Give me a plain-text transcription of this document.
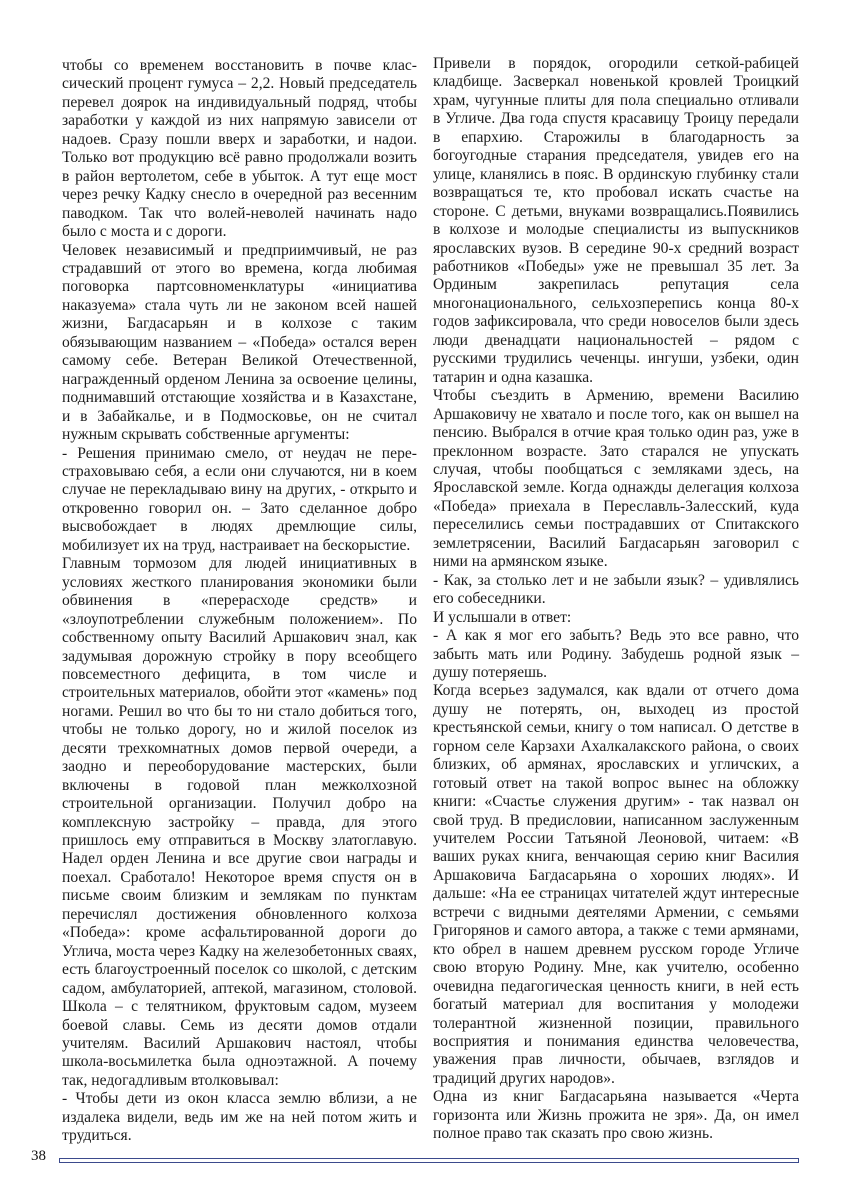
чтобы со временем восстановить в почве классический процент гумуса – 2,2. Новый председатель перевел доярок на индивидуальный подряд, чтобы заработки у каждой из них напрямую зависели от надоев. Сразу пошли вверх и заработки, и надои. Только вот продукцию всё равно продолжали возить в район вертолетом, себе в убыток. А тут еще мост через речку Кадку снесло в очередной раз весенним паводком. Так что волей-неволей начинать надо было с моста и с дороги.

Человек независимый и предприимчивый, не раз страдавший от этого во времена, когда любимая поговорка партсовноменклатуры «инициатива наказуема» стала чуть ли не законом всей нашей жизни, Багдасарьян и в колхозе с таким обязывающим названием – «Победа» остался верен самому себе. Ветеран Великой Отечественной, награжденный орденом Ленина за освоение целины, поднимавший отстающие хозяйства и в Казахстане, и в Забайкалье, и в Подмосковье, он не считал нужным скрывать собственные аргументы:

- Решения принимаю смело, от неудач не перестраховываю себя, а если они случаются, ни в коем случае не перекладываю вину на других, - открыто и откровенно говорил он. – Зато сделанное добро высвобождает в людях дремлющие силы, мобилизует их на труд, настраивает на бескорыстие.

Главным тормозом для людей инициативных в условиях жесткого планирования экономики были обвинения в «перерасходе средств» и «злоупотреблении служебным положением». По собственному опыту Василий Аршакович знал, как задумывая дорожную стройку в пору всеобщего повсеместного дефицита, в том числе и строительных материалов, обойти этот «камень» под ногами. Решил во что бы то ни стало добиться того, чтобы не только дорогу, но и жилой поселок из десяти трехкомнатных домов первой очереди, а заодно и переоборудование мастерских, были включены в годовой план межколхозной строительной организации. Получил добро на комплексную застройку – правда, для этого пришлось ему отправиться в Москву златоглавую. Надел орден Ленина и все другие свои награды и поехал. Сработало! Некоторое время спустя он в письме своим близким и землякам по пунктам перечислял достижения обновленного колхоза «Победа»: кроме асфальтированной дороги до Углича, моста через Кадку на железобетонных сваях, есть благоустроенный поселок со школой, с детским садом, амбулаторией, аптекой, магазином, столовой. Школа – с телятником, фруктовым садом, музеем боевой славы. Семь из десяти домов отдали учителям. Василий Аршакович настоял, чтобы школа-восьмилетка была одноэтажной. А почему так, недогадливым втолковывал:

- Чтобы дети из окон класса землю вблизи, а не издалека видели, ведь им же на ней потом жить и трудиться.

Привели в порядок, огородили сеткой-рабицей кладбище. Засверкал новенькой кровлей Троицкий храм, чугунные плиты для пола специально отливали в Угличе. Два года спустя красавицу Троицу передали в епархию. Старожилы в благодарность за богоугодные старания председателя, увидев его на улице, кланялись в пояс. В ординскую глубинку стали возвращаться те, кто пробовал искать счастье на стороне. С детьми, внуками возвращались.Появились в колхозе и молодые специалисты из выпускников ярославских вузов. В середине 90-х средний возраст работников «Победы» уже не превышал 35 лет. За Ординым закрепилась репутация села многонационального, сельхозперепись конца 80-х годов зафиксировала, что среди новоселов были здесь люди двенадцати национальностей – рядом с русскими трудились чеченцы. ингуши, узбеки, один татарин и одна казашка.

Чтобы съездить в Армению, времени Василию Аршаковичу не хватало и после того, как он вышел на пенсию. Выбрался в отчие края только один раз, уже в преклонном возрасте. Зато старался не упускать случая, чтобы пообщаться с земляками здесь, на Ярославской земле. Когда однажды делегация колхоза «Победа» приехала в Переславль-Залесский, куда переселились семьи пострадавших от Спитакского землетрясении, Василий Багдасарьян заговорил с ними на армянском языке.

- Как, за столько лет и не забыли язык? – удивлялись его собеседники.

И услышали в ответ:

- А как я мог его забыть? Ведь это все равно, что забыть мать или Родину. Забудешь родной язык – душу потеряешь.

Когда всерьез задумался, как вдали от отчего дома душу не потерять, он, выходец из простой крестьянской семьи, книгу о том написал. О детстве в горном селе Карзахи Ахалкалакского района, о своих близких, об армянах, ярославских и угличских, а готовый ответ на такой вопрос вынес на обложку книги: «Счастье служения другим» - так назвал он свой труд. В предисловии, написанном заслуженным учителем России Татьяной Леоновой, читаем: «В ваших руках книга, венчающая серию книг Василия Аршаковича Багдасарьяна о хороших людях». И дальше: «На ее страницах читателей ждут интересные встречи с видными деятелями Армении, с семьями Григорянов и самого автора, а также с теми армянами, кто обрел в нашем древнем русском городе Угличе свою вторую Родину. Мне, как учителю, особенно очевидна педагогическая ценность книги, в ней есть богатый материал для воспитания у молодежи толерантной жизненной позиции, правильного восприятия и понимания единства человечества, уважения прав личности, обычаев, взглядов и традиций других народов».

Одна из книг Багдасарьяна называется «Черта горизонта или Жизнь прожита не зря». Да, он имел полное право так сказать про свою жизнь.

38
